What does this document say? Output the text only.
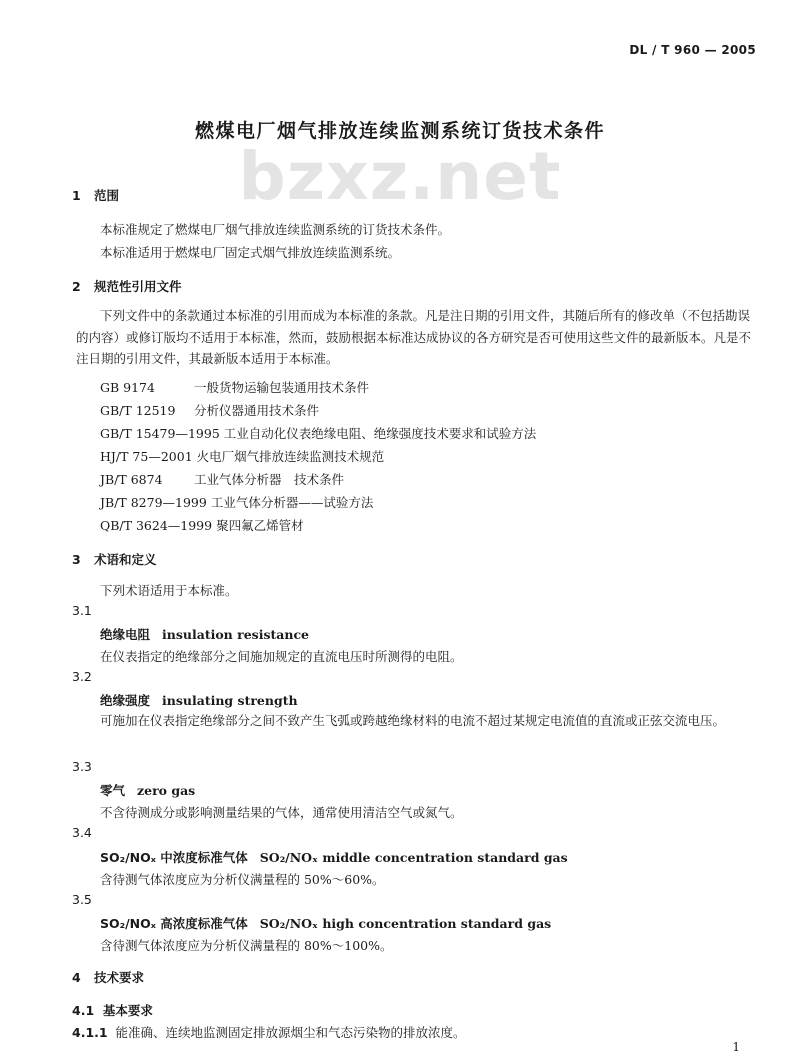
DL / T 960 — 2005
bzxz.net
燃煤电厂烟气排放连续监测系统订货技术条件
1 范围
本标准规定了燃煤电厂烟气排放连续监测系统的订货技术条件。
本标准适用于燃煤电厂固定式烟气排放连续监测系统。
2 规范性引用文件
下列文件中的条款通过本标准的引用而成为本标准的条款。凡是注日期的引用文件，其随后所有的修改单（不包括勘误的内容）或修订版均不适用于本标准，然而，鼓励根据本标准达成协议的各方研究是否可使用这些文件的最新版本。凡是不注日期的引用文件，其最新版本适用于本标准。
GB 9174	一般货物运输包装通用技术条件
GB/T 12519 分析仪器通用技术条件
GB/T 15479—1995 工业自动化仪表绝缘电阻、绝缘强度技术要求和试验方法
HJ/T 75—2001 火电厂烟气排放连续监测技术规范
JB/T 6874	工业气体分析器　技术条件
JB/T 8279—1999 工业气体分析器——试验方法
QB/T 3624—1999 聚四氟乙烯管材
3 术语和定义
下列术语适用于本标准。
3.1
绝缘电阻 insulation resistance
在仪表指定的绝缘部分之间施加规定的直流电压时所测得的电阻。
3.2
绝缘强度 insulating strength
可施加在仪表指定绝缘部分之间不致产生飞弧或跨越绝缘材料的电流不超过某规定电流值的直流或正弦交流电压。
3.3
零气 zero gas
不含待测成分或影响测量结果的气体，通常使用清洁空气或氮气。
3.4
SO₂/NOₓ 中浓度标准气体 SO₂/NOₓ middle concentration standard gas
含待测气体浓度应为分析仪满量程的 50%～60%。
3.5
SO₂/NOₓ 高浓度标准气体 SO₂/NOₓ high concentration standard gas
含待测气体浓度应为分析仪满量程的 80%～100%。
4 技术要求
4.1 基本要求
4.1.1 能准确、连续地监测固定排放源烟尘和气态污染物的排放浓度。
1
